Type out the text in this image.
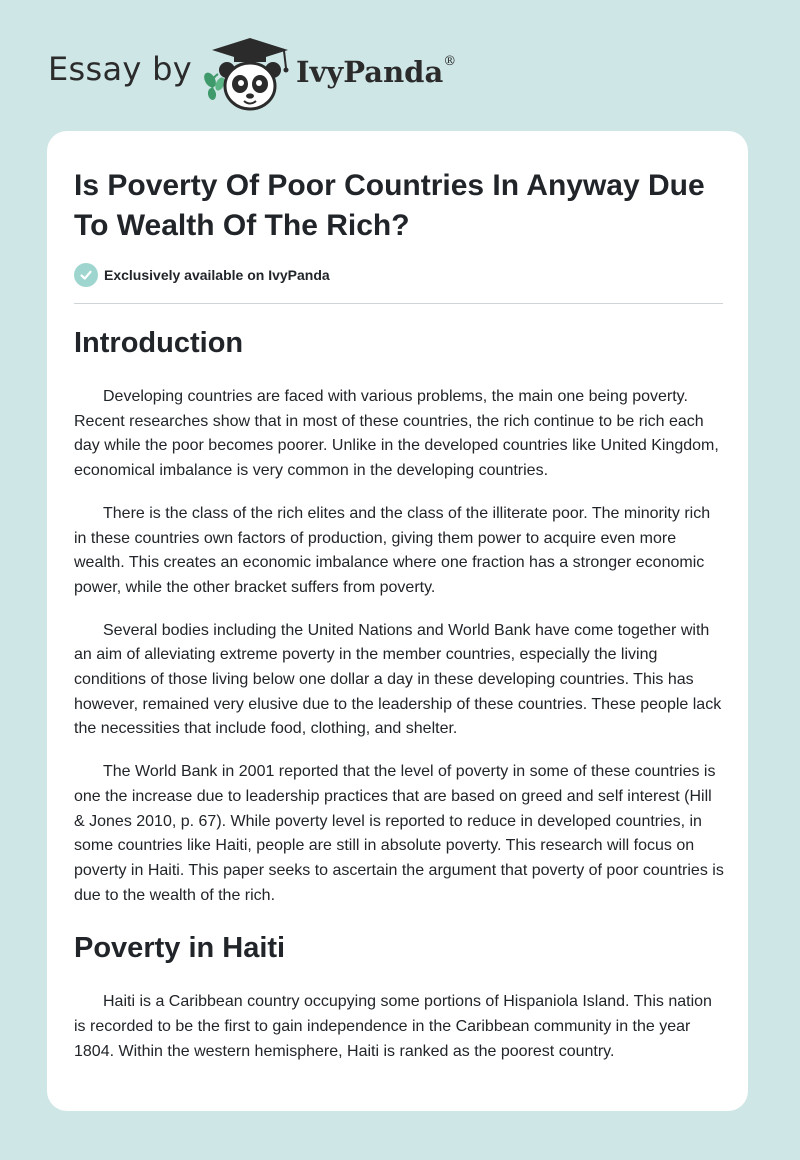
Essay by	IvyPanda®
Is Poverty Of Poor Countries In Anyway Due To Wealth Of The Rich?
Exclusively available on IvyPanda
Introduction

Developing countries are faced with various problems, the main one being poverty. Recent researches show that in most of these countries, the rich continue to be rich each day while the poor becomes poorer. Unlike in the developed countries like United Kingdom, economical imbalance is very common in the developing countries.

There is the class of the rich elites and the class of the illiterate poor. The minority rich in these countries own factors of production, giving them power to acquire even more wealth. This creates an economic imbalance where one fraction has a stronger economic power, while the other bracket suffers from poverty.

Several bodies including the United Nations and World Bank have come together with an aim of alleviating extreme poverty in the member countries, especially the living conditions of those living below one dollar a day in these developing countries. This has however, remained very elusive due to the leadership of these countries. These people lack the necessities that include food, clothing, and shelter.

The World Bank in 2001 reported that the level of poverty in some of these countries is one the increase due to leadership practices that are based on greed and self interest (Hill & Jones 2010, p. 67). While poverty level is reported to reduce in developed countries, in some countries like Haiti, people are still in absolute poverty. This research will focus on poverty in Haiti. This paper seeks to ascertain the argument that poverty of poor countries is due to the wealth of the rich.

Poverty in Haiti

Haiti is a Caribbean country occupying some portions of Hispaniola Island. This nation is recorded to be the first to gain independence in the Caribbean community in the year 1804. Within the western hemisphere, Haiti is ranked as the poorest country.
